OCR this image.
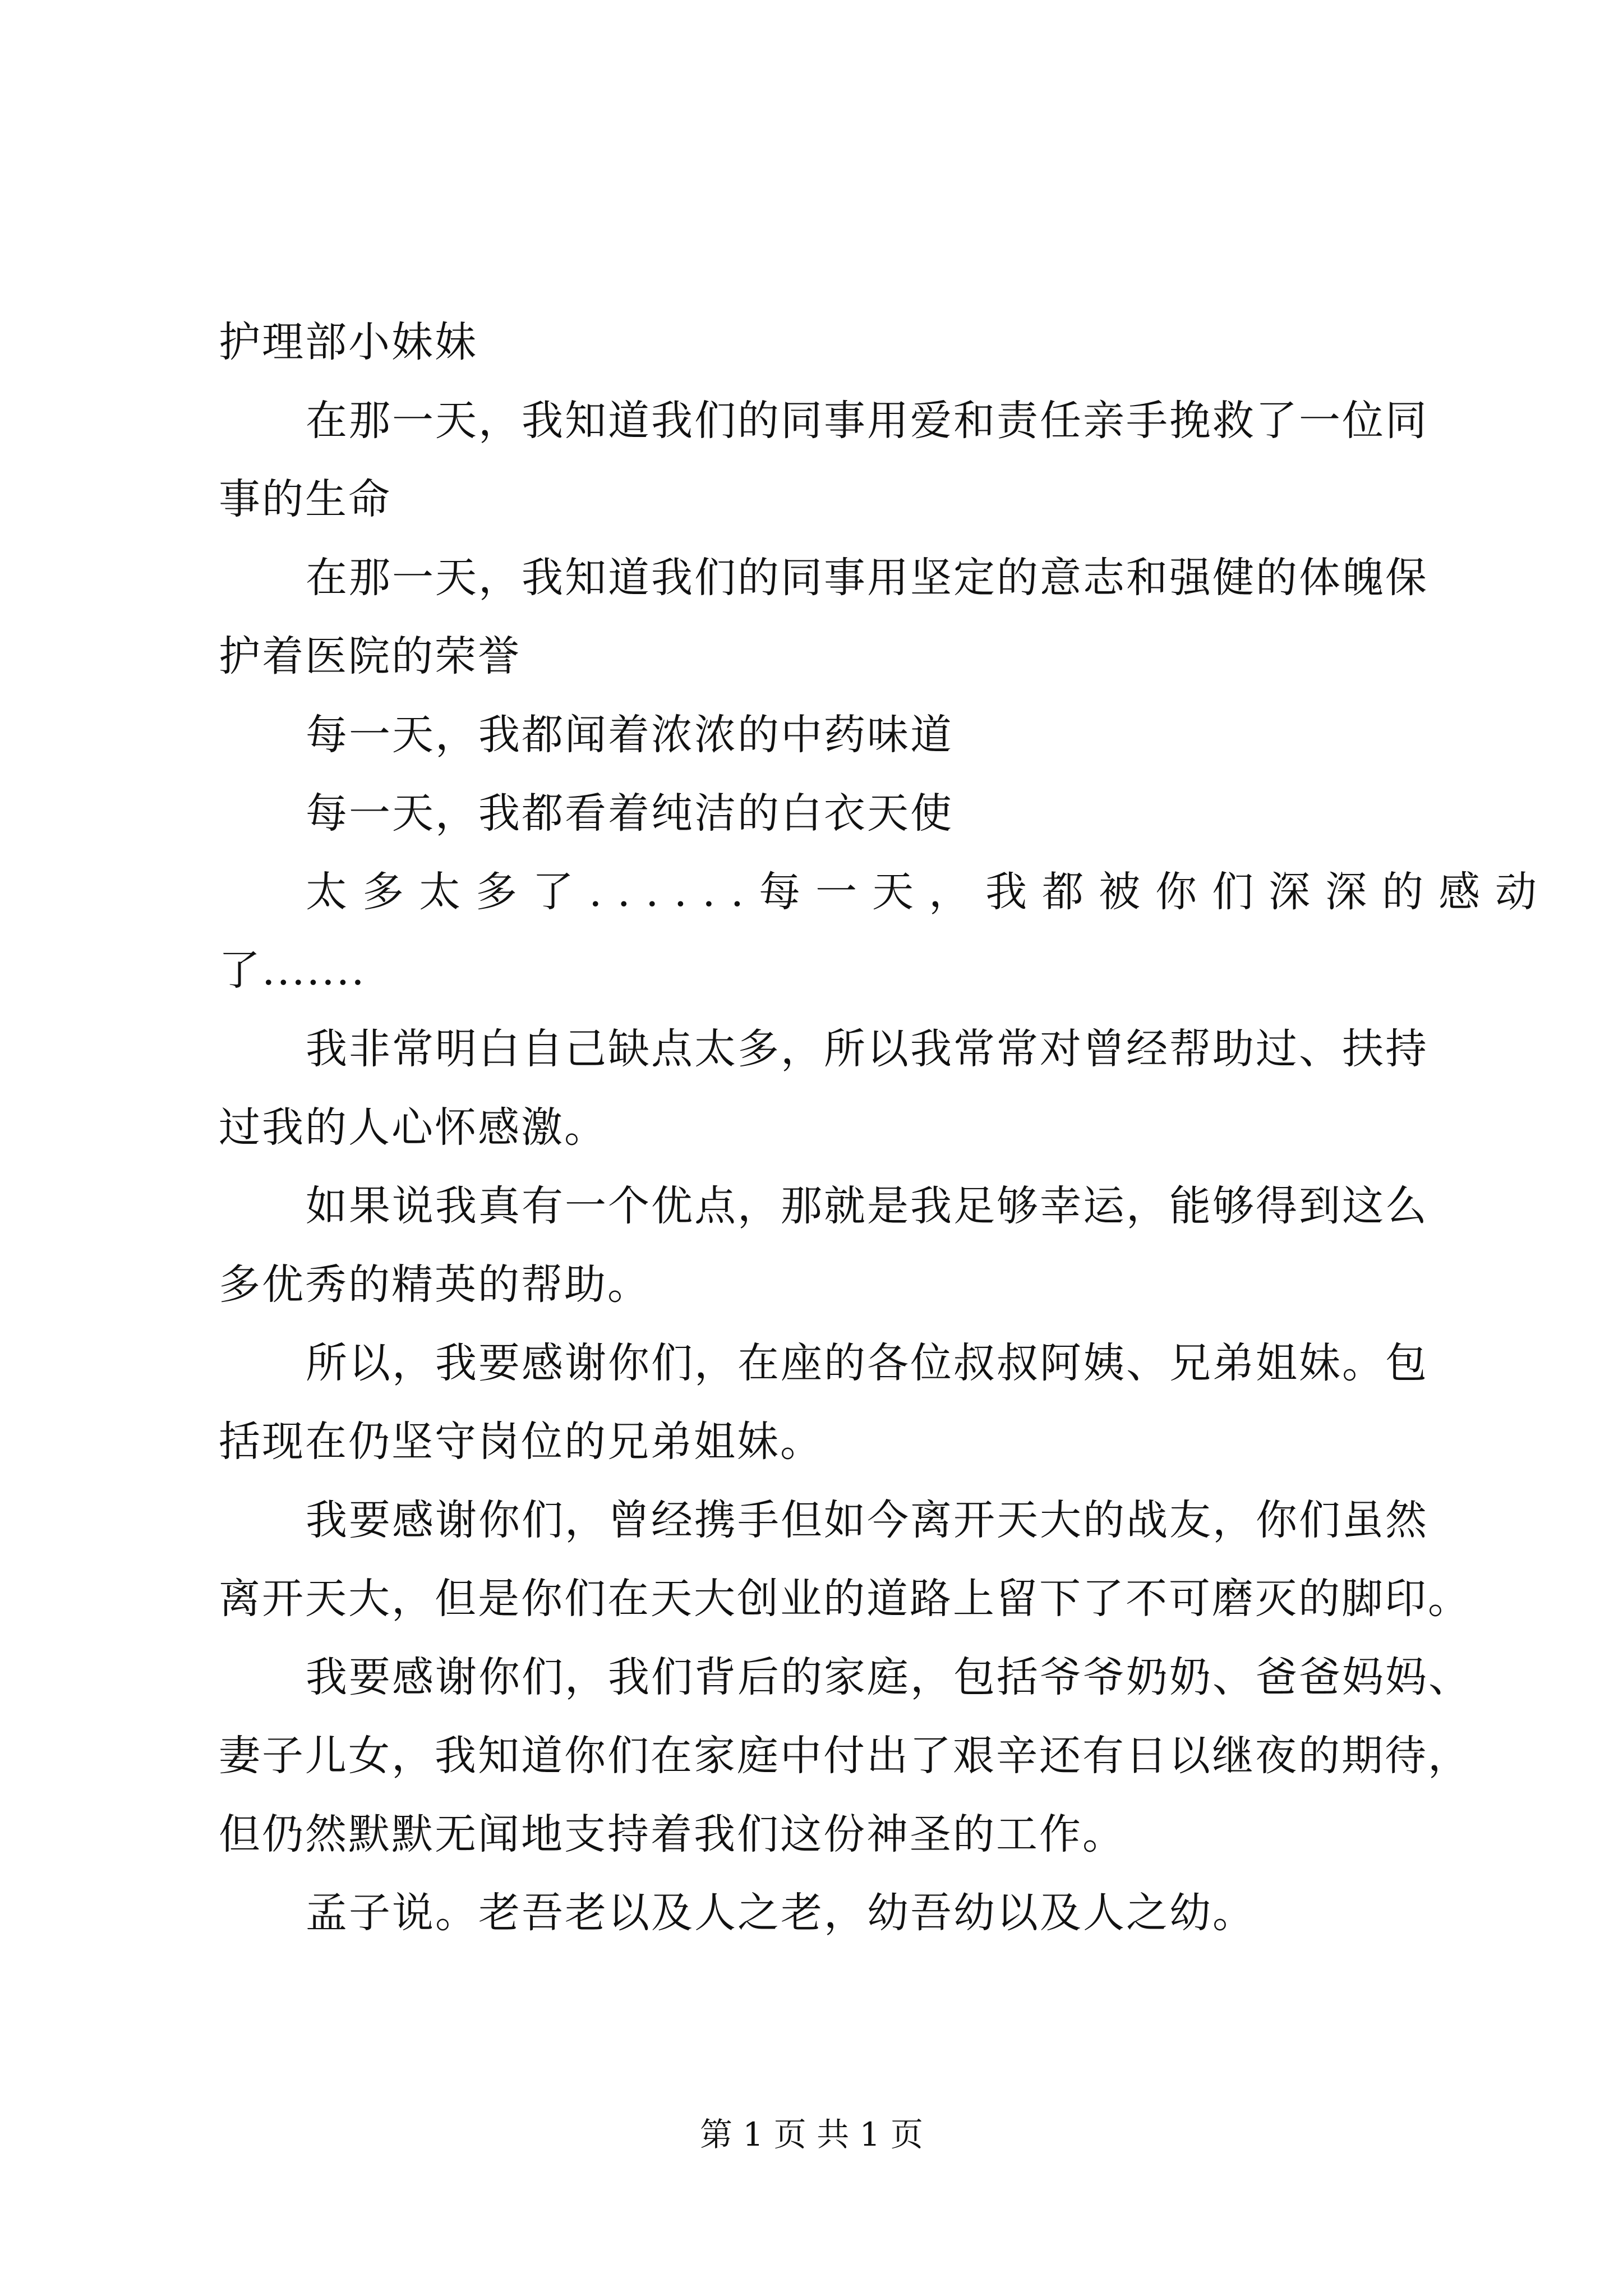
护理部小妹妹

在那一天，我知道我们的同事用爱和责任亲手挽救了一位同

事的生命

在那一天，我知道我们的同事用坚定的意志和强健的体魄保

护着医院的荣誉

每一天，我都闻着浓浓的中药味道

每一天，我都看着纯洁的白衣天使

太多太多了......每一天，我都被你们深深的感动

了.......

我非常明白自己缺点太多，所以我常常对曾经帮助过、扶持

过我的人心怀感激。

如果说我真有一个优点，那就是我足够幸运，能够得到这么

多优秀的精英的帮助。

所以，我要感谢你们，在座的各位叔叔阿姨、兄弟姐妹。包

括现在仍坚守岗位的兄弟姐妹。

我要感谢你们，曾经携手但如今离开天大的战友，你们虽然

离开天大，但是你们在天大创业的道路上留下了不可磨灭的脚印。

我要感谢你们，我们背后的家庭，包括爷爷奶奶、爸爸妈妈、

妻子儿女，我知道你们在家庭中付出了艰辛还有日以继夜的期待，

但仍然默默无闻地支持着我们这份神圣的工作。

孟子说。老吾老以及人之老，幼吾幼以及人之幼。

第 1 页 共 1 页
